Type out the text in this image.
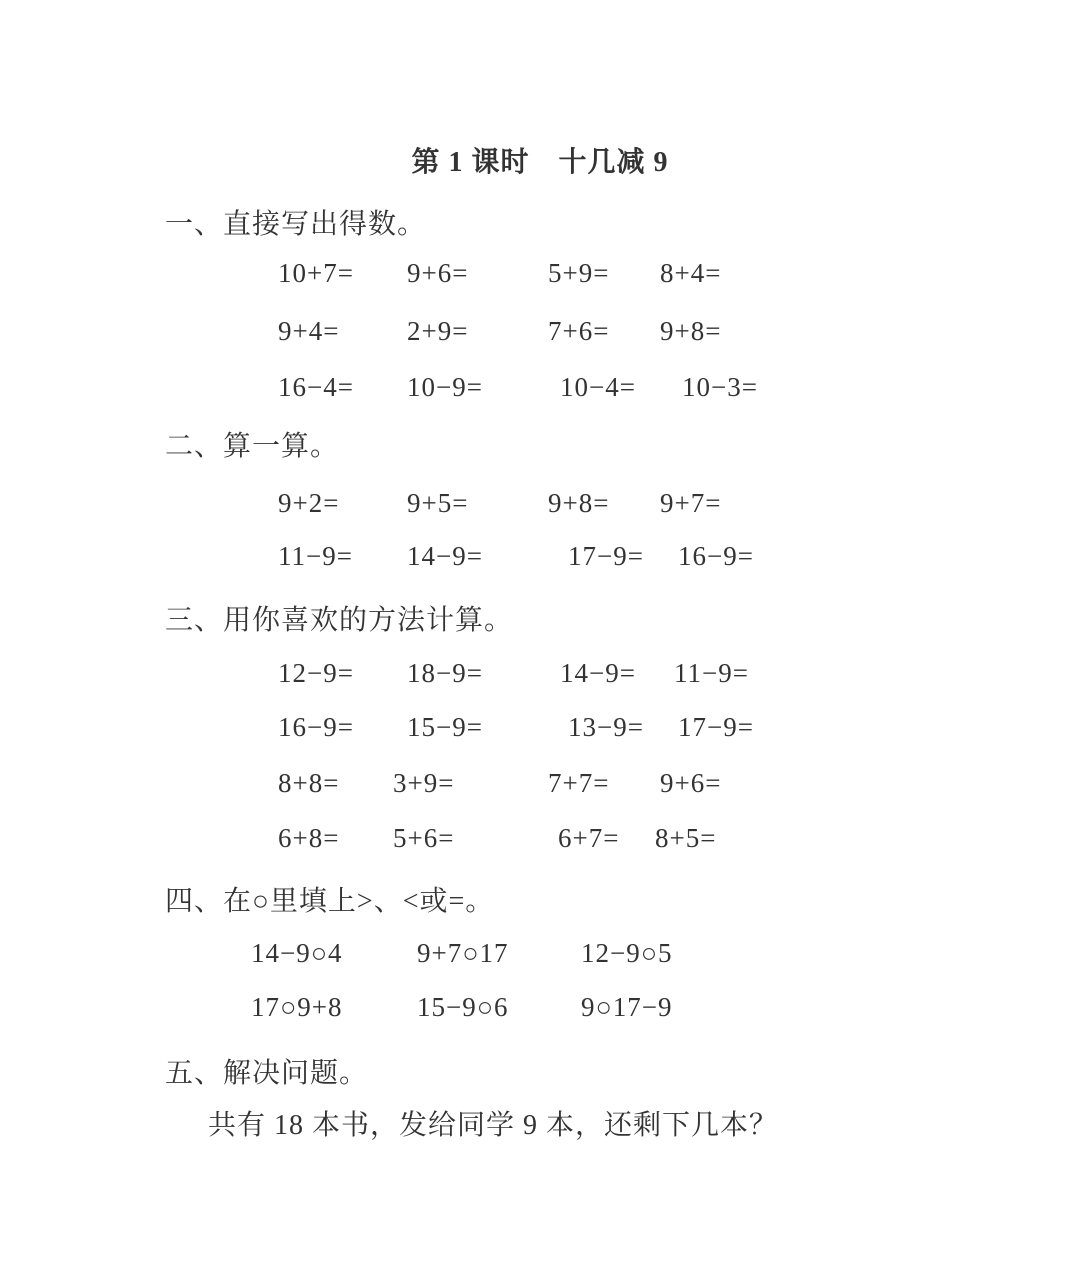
第 1 课时　十几减 9
一、直接写出得数。
10+7= 9+6=	5+9= 8+4=
9+4=	2+9=	7+6= 9+8=
16−4= 10−9=	10−4= 10−3=
二、算一算。
9+2=	9+5=	9+8= 9+7=
11−9= 14−9=	17−9= 16−9=
三、用你喜欢的方法计算。
12−9= 18−9=	14−9= 11−9=
16−9= 15−9=	13−9= 17−9=
8+8= 3+9=	7+7= 9+6=
6+8= 5+6=	6+7= 8+5=
四、在○里填上>、<或=。
14−9○4	9+7○17	12−9○5
17○9+8	15−9○6	9○17−9
五、解决问题。
共有 18 本书，发给同学 9 本，还剩下几本？
